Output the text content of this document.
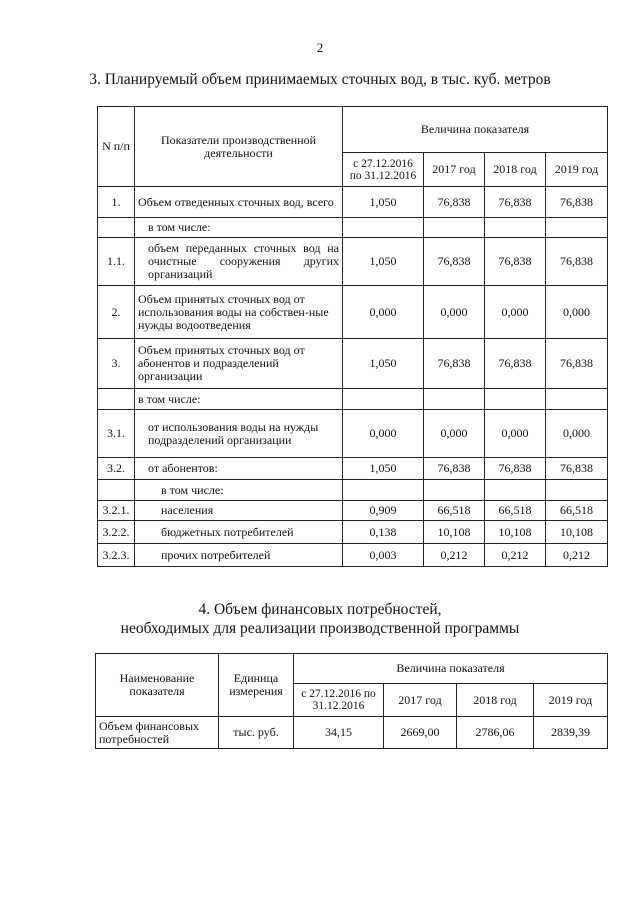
2
3. Планируемый объем принимаемых сточных вод, в тыс. куб. метров
N п/п	Показатели производственной деятельности	Величина показателя			
		с 27.12.2016 по 31.12.2016	2017 год	2018 год	2019 год
1.	Объем отведенных сточных вод, всего	1,050	76,838	76,838	76,838
	в том числе:				
1.1.	объем переданных сточных вод на очистные сооружения других организаций	1,050	76,838	76,838	76,838
2.	Объем принятых сточных вод от использования воды на собствен-ные нужды водоотведения	0,000	0,000	0,000	0,000
3.	Объем принятых сточных вод от абонентов и подразделений организации	1,050	76,838	76,838	76,838
	в том числе:				
3.1.	от использования воды на нужды подразделений организации	0,000	0,000	0,000	0,000
3.2.	от абонентов:	1,050	76,838	76,838	76,838
	в том числе:				
3.2.1.	населения	0,909	66,518	66,518	66,518
3.2.2.	бюджетных потребителей	0,138	10,108	10,108	10,108
3.2.3.	прочих потребителей	0,003	0,212	0,212	0,212
4. Объем финансовых потребностей,
необходимых для реализации производственной программы
Наименование показателя	Единица измерения	Величина показателя			
		с 27.12.2016 по 31.12.2016	2017 год	2018 год	2019 год
Объем финансовых потребностей	тыс. руб.	34,15	2669,00	2786,06	2839,39
